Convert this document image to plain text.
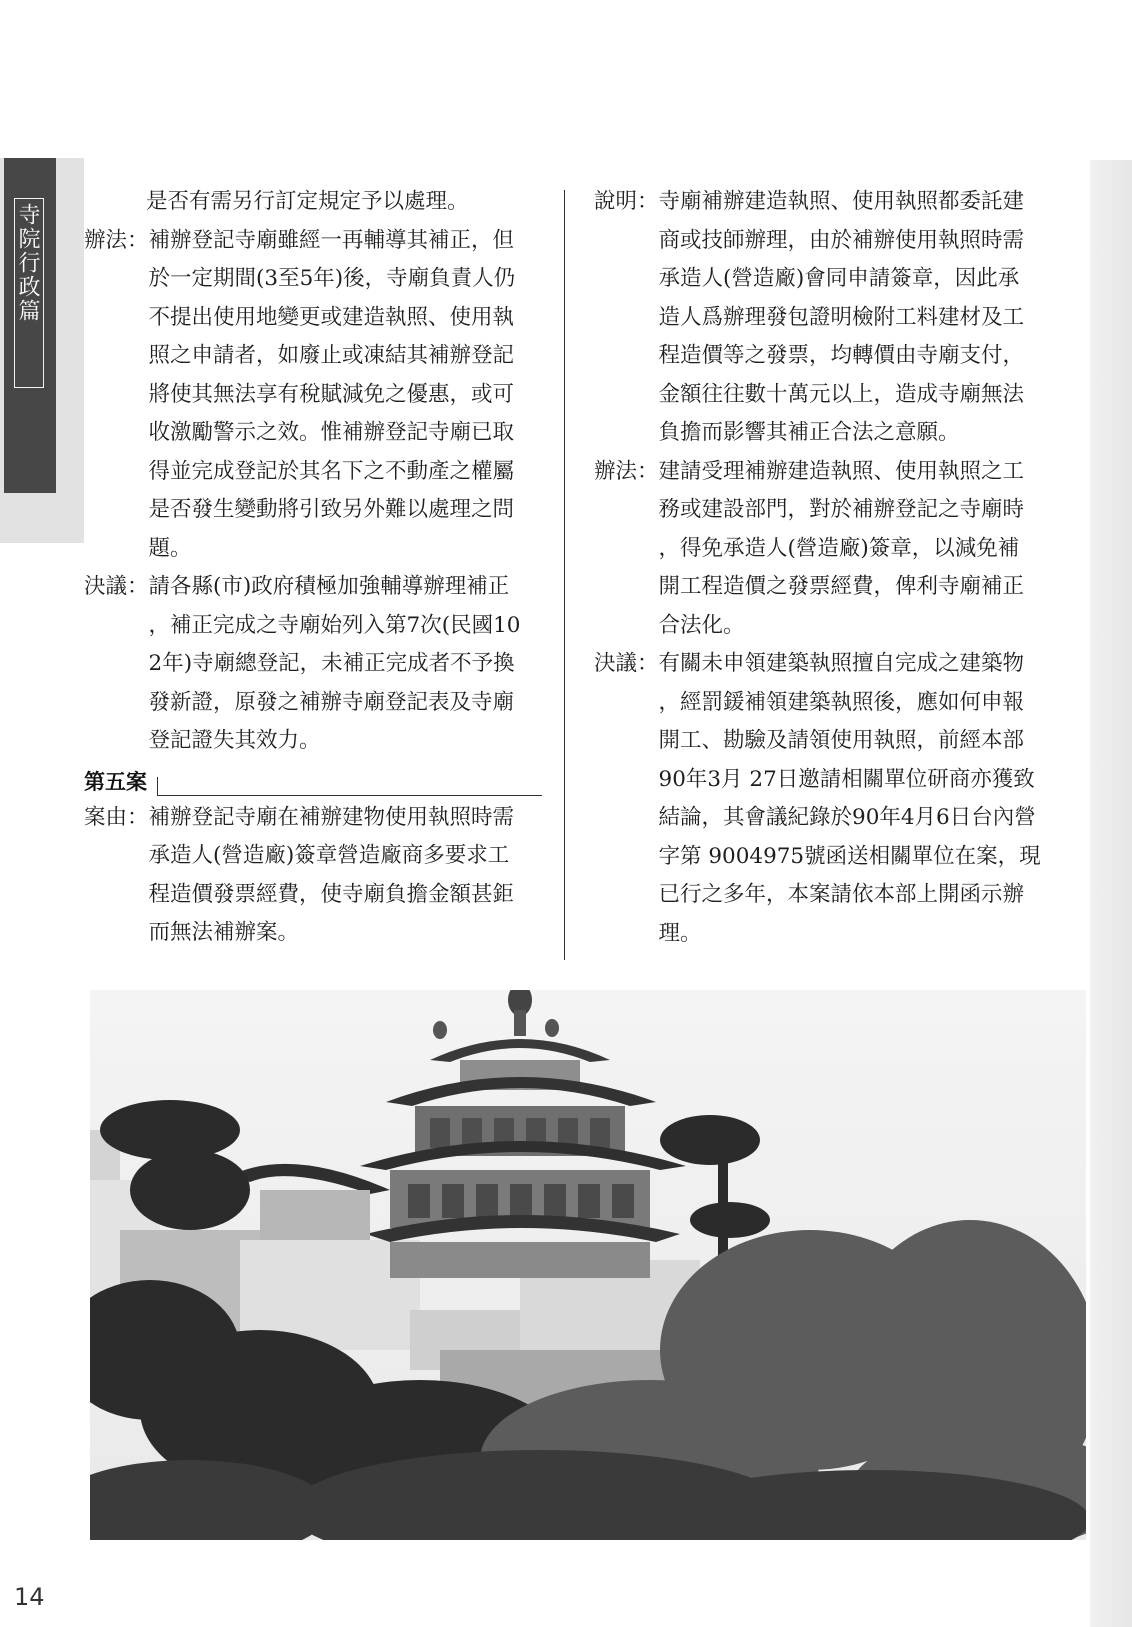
寺院行政篇

是否有需另行訂定規定予以處理。

辦法： 補辦登記寺廟雖經一再輔導其補正，但

於一定期間(3至5年)後，寺廟負責人仍

不提出使用地變更或建造執照、使用執

照之申請者，如廢止或凍結其補辦登記

將使其無法享有稅賦減免之優惠，或可

收激勵警示之效。惟補辦登記寺廟已取

得並完成登記於其名下之不動產之權屬

是否發生變動將引致另外難以處理之問

題。

決議： 請各縣(市)政府積極加強輔導辦理補正

，補正完成之寺廟始列入第7次(民國10

2年)寺廟總登記，未補正完成者不予換

發新證，原發之補辦寺廟登記表及寺廟

登記證失其效力。

第五案
案由： 補辦登記寺廟在補辦建物使用執照時需

承造人(營造廠)簽章營造廠商多要求工

程造價發票經費，使寺廟負擔金額甚鉅

而無法補辦案。

說明： 寺廟補辦建造執照、使用執照都委託建

商或技師辦理，由於補辦使用執照時需

承造人(營造廠)會同申請簽章，因此承

造人爲辦理發包證明檢附工料建材及工

程造價等之發票，均轉價由寺廟支付，

金額往往數十萬元以上，造成寺廟無法

負擔而影響其補正合法之意願。

辦法： 建請受理補辦建造執照、使用執照之工

務或建設部門，對於補辦登記之寺廟時

，得免承造人(營造廠)簽章，以減免補

開工程造價之發票經費，俾利寺廟補正

合法化。

決議： 有關未申領建築執照擅自完成之建築物

，經罰鍰補領建築執照後，應如何申報

開工、勘驗及請領使用執照，前經本部

90年3月 27日邀請相關單位研商亦獲致

結論，其會議紀錄於90年4月6日台內營

字第 9004975號函送相關單位在案，現

已行之多年，本案請依本部上開函示辦

理。

14
